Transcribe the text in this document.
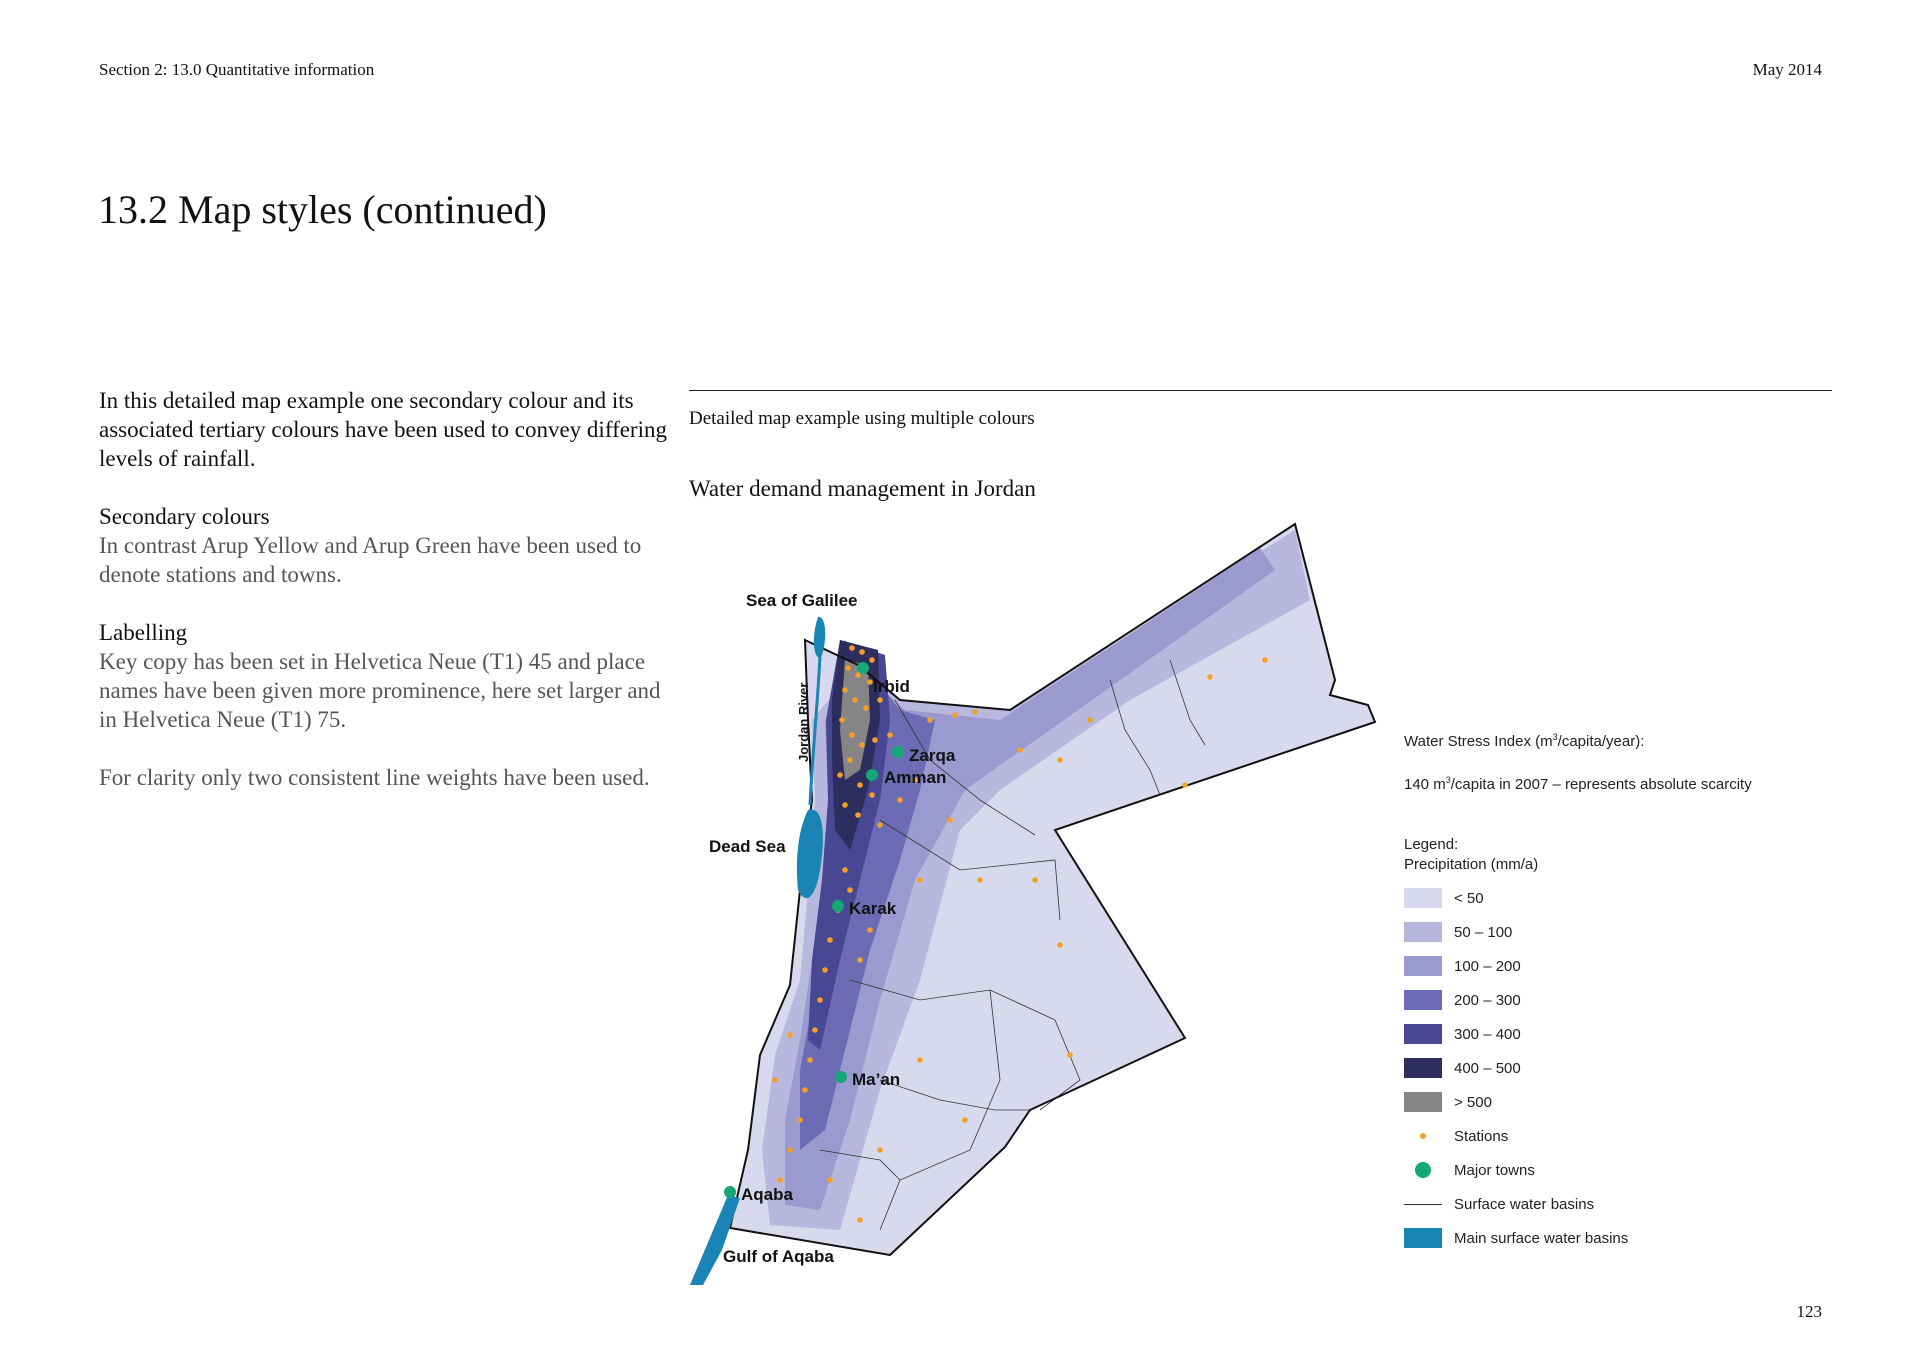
Section 2: 13.0 Quantitative information	May 2014
13.2 Map styles (continued)

In this detailed map example one secondary colour and its associated tertiary colours have been used to convey differing levels of rainfall.

Secondary colours
In contrast Arup Yellow and Arup Green have been used to denote stations and towns.

Labelling
Key copy has been set in Helvetica Neue (T1) 45 and place names have been given more prominence, here set larger and in Helvetica Neue (T1) 75.

For clarity only two consistent line weights have been used.

Detailed map example using multiple colours
Water demand management in Jordan
Sea of Galilee
Jordan River
Dead Sea
Irbid
Zarqa
Amman
Karak
Ma’an
Aqaba
Gulf of Aqaba

Water Stress Index $(m^3/capita/year)$:

140 $m^3$/capita in 2007 – represents absolute scarcity

Legend:

Precipitation (mm/a)

< 50
50 – 100
100 – 200
200 – 300
300 – 400
400 – 500
> 500
Stations
Major towns
Surface water basins
Main surface water basins
123
